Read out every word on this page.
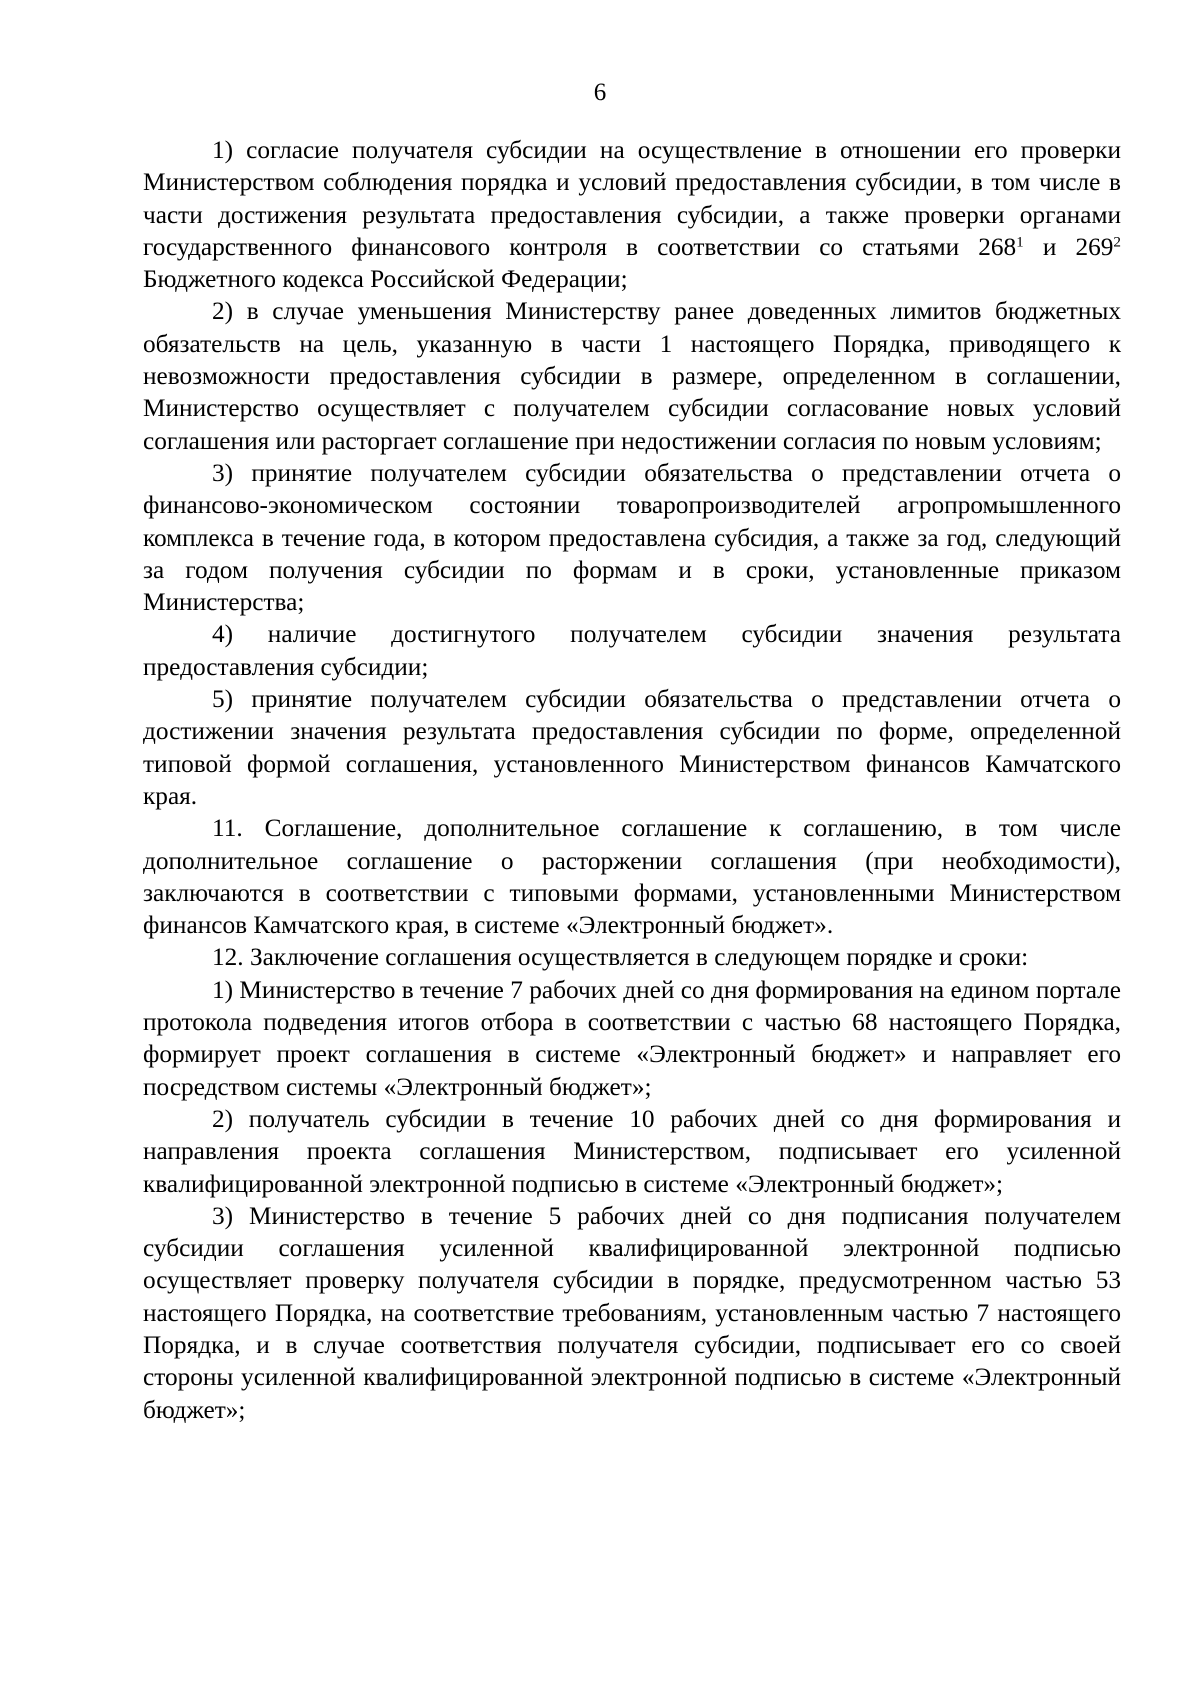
6

1) согласие получателя субсидии на осуществление в отношении его проверки Министерством соблюдения порядка и условий предоставления субсидии, в том числе в части достижения результата предоставления субсидии, а также проверки органами государственного финансового контроля в соответствии со статьями $268^1$ и $269^2$ Бюджетного кодекса Российской Федерации;

2) в случае уменьшения Министерству ранее доведенных лимитов бюджетных обязательств на цель, указанную в части 1 настоящего Порядка, приводящего к невозможности предоставления субсидии в размере, определенном в соглашении, Министерство осуществляет с получателем субсидии согласование новых условий соглашения или расторгает соглашение при недостижении согласия по новым условиям;

3) принятие получателем субсидии обязательства о представлении отчета о финансово-экономическом состоянии товаропроизводителей агропромышленного комплекса в течение года, в котором предоставлена субсидия, а также за год, следующий за годом получения субсидии по формам и в сроки, установленные приказом Министерства;

4) наличие достигнутого получателем субсидии значения результата предоставления субсидии;

5) принятие получателем субсидии обязательства о представлении отчета о достижении значения результата предоставления субсидии по форме, определенной типовой формой соглашения, установленного Министерством финансов Камчатского края.

11. Соглашение, дополнительное соглашение к соглашению, в том числе дополнительное соглашение о расторжении соглашения (при необходимости), заключаются в соответствии с типовыми формами, установленными Министерством финансов Камчатского края, в системе «Электронный бюджет».

12. Заключение соглашения осуществляется в следующем порядке и сроки:

1) Министерство в течение 7 рабочих дней со дня формирования на едином портале протокола подведения итогов отбора в соответствии с частью 68 настоящего Порядка, формирует проект соглашения в системе «Электронный бюджет» и направляет его посредством системы «Электронный бюджет»;

2) получатель субсидии в течение 10 рабочих дней со дня формирования и направления проекта соглашения Министерством, подписывает его усиленной квалифицированной электронной подписью в системе «Электронный бюджет»;

3) Министерство в течение 5 рабочих дней со дня подписания получателем субсидии соглашения усиленной квалифицированной электронной подписью осуществляет проверку получателя субсидии в порядке, предусмотренном частью 53 настоящего Порядка, на соответствие требованиям, установленным частью 7 настоящего Порядка, и в случае соответствия получателя субсидии, подписывает его со своей стороны усиленной квалифицированной электронной подписью в системе «Электронный бюджет»;
